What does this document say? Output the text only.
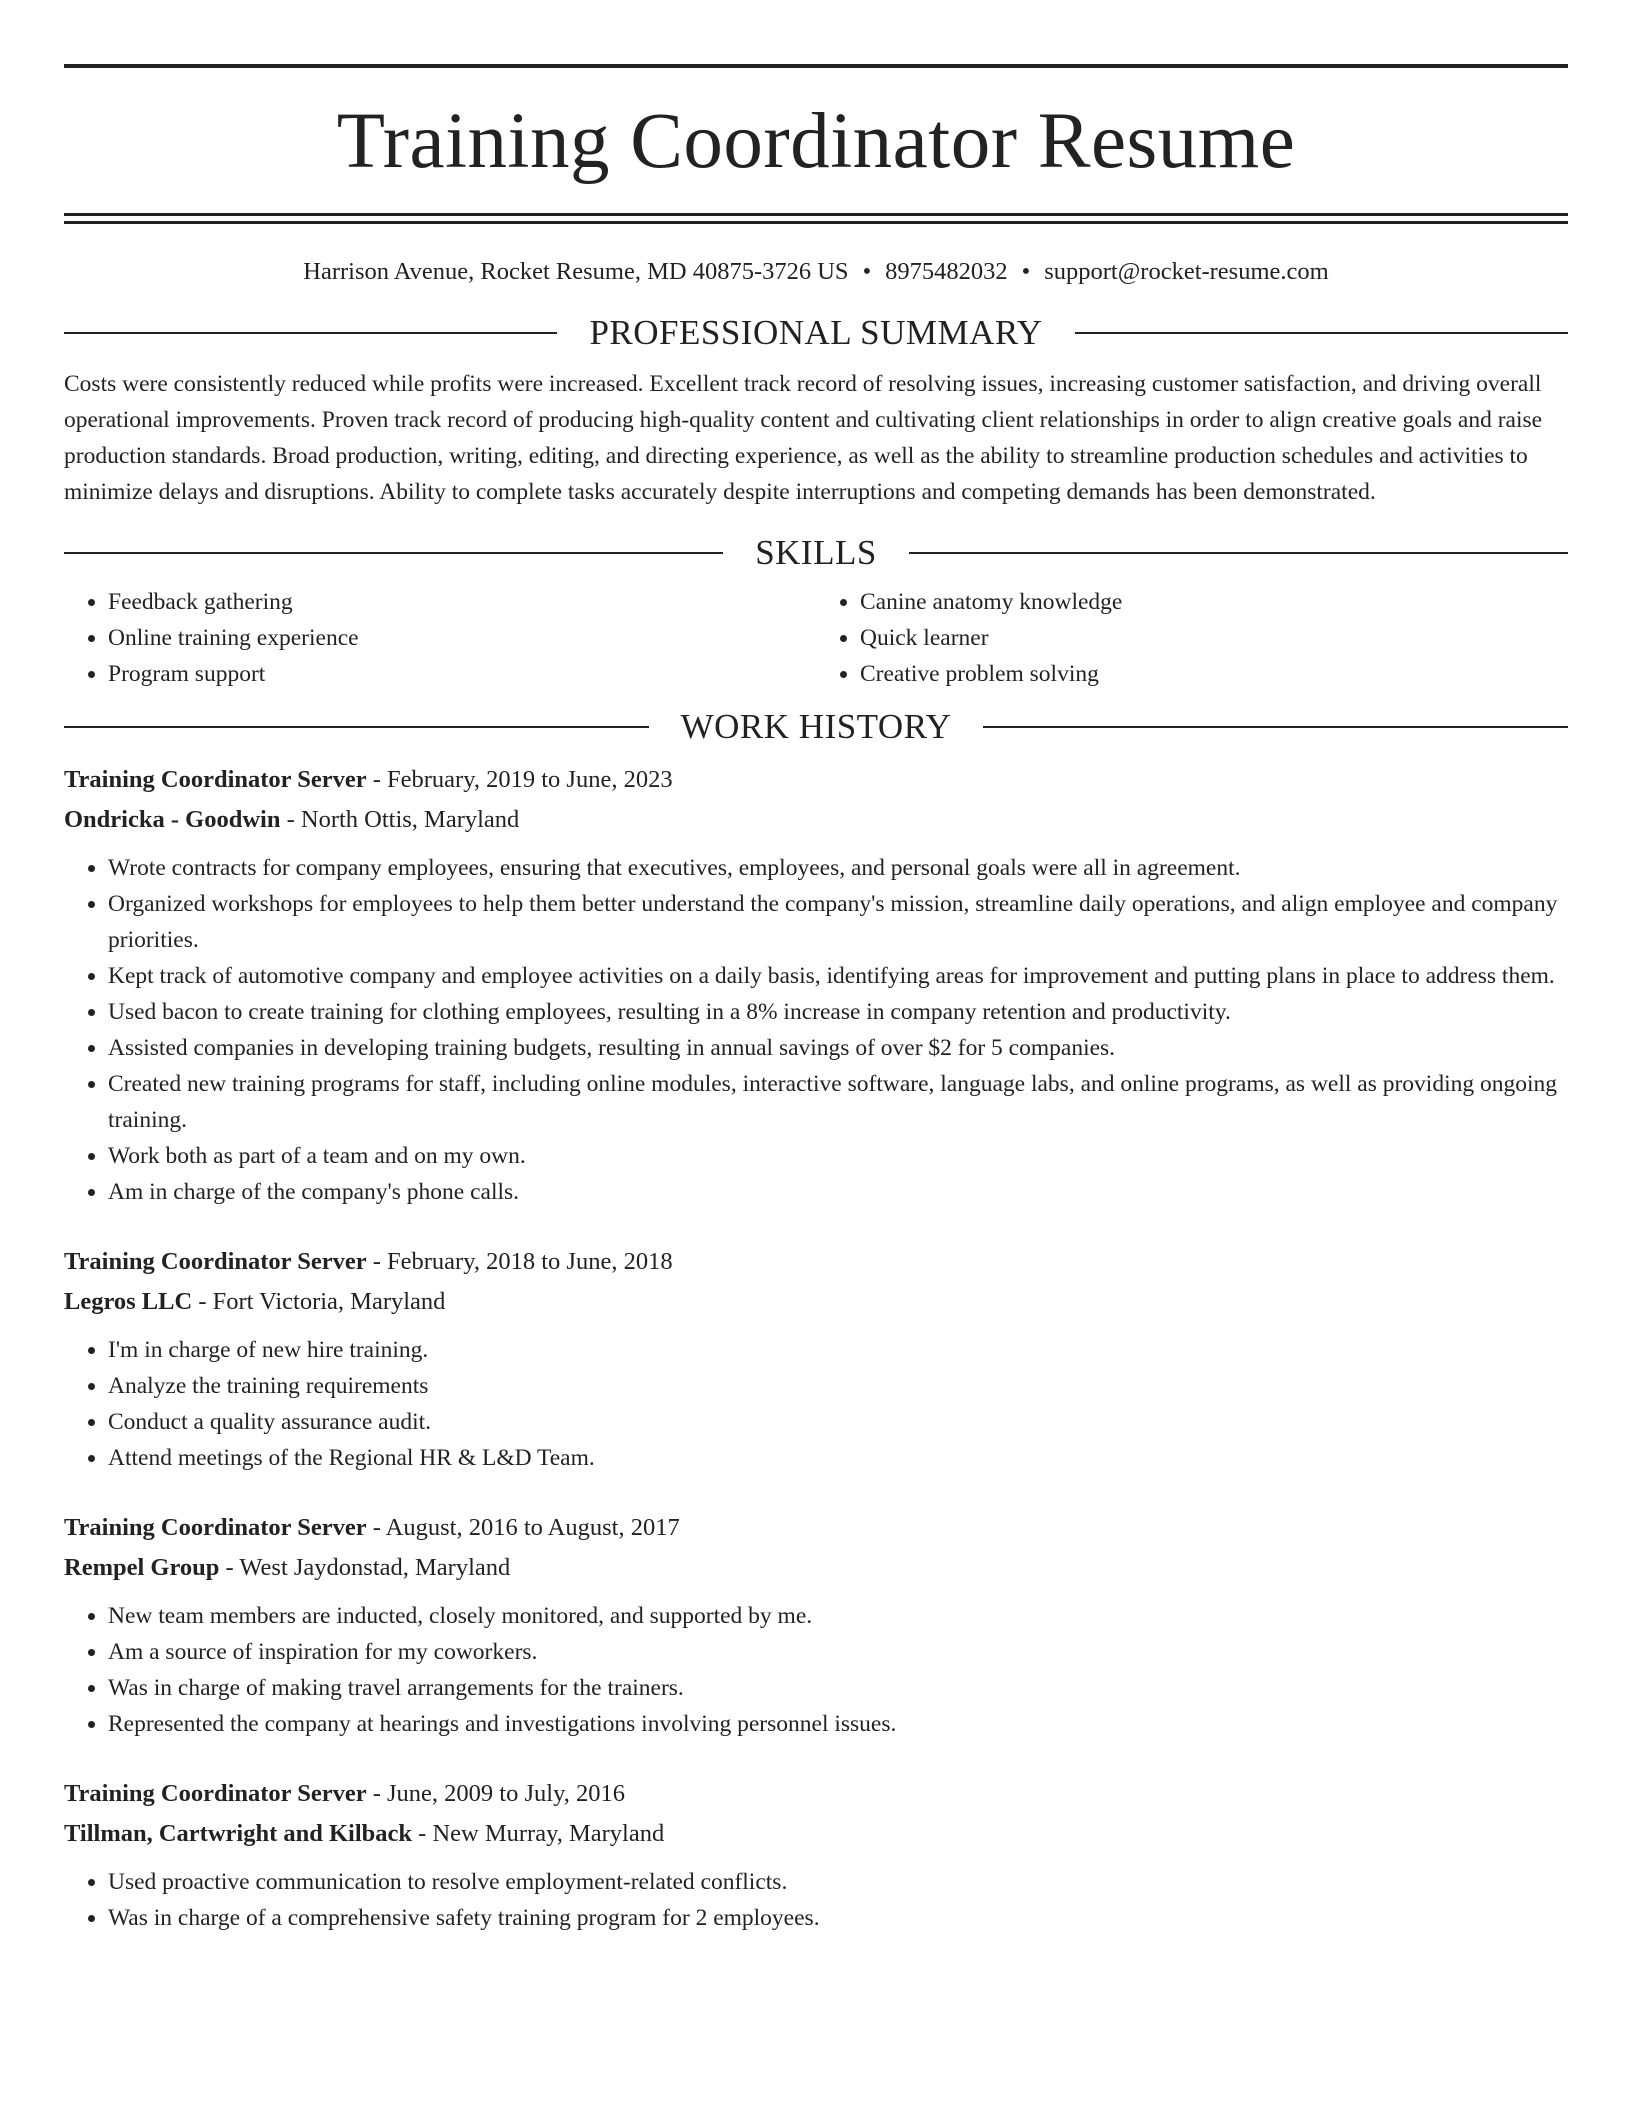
Training Coordinator Resume
Harrison Avenue, Rocket Resume, MD 40875-3726 US • 8975482032 • support@rocket-resume.com
PROFESSIONAL SUMMARY

Costs were consistently reduced while profits were increased. Excellent track record of resolving issues, increasing customer satisfaction, and driving overall operational improvements. Proven track record of producing high-quality content and cultivating client relationships in order to align creative goals and raise production standards. Broad production, writing, editing, and directing experience, as well as the ability to streamline production schedules and activities to minimize delays and disruptions. Ability to complete tasks accurately despite interruptions and competing demands has been demonstrated.

SKILLS
• Feedback gathering
• Online training experience
• Program support
• Canine anatomy knowledge
• Quick learner
• Creative problem solving
WORK HISTORY
Training Coordinator Server - February, 2019 to June, 2023
Ondricka - Goodwin - North Ottis, Maryland
• Wrote contracts for company employees, ensuring that executives, employees, and personal goals were all in agreement.
• Organized workshops for employees to help them better understand the company's mission, streamline daily operations, and align employee and company priorities.
• Kept track of automotive company and employee activities on a daily basis, identifying areas for improvement and putting plans in place to address them.
• Used bacon to create training for clothing employees, resulting in a 8% increase in company retention and productivity.
• Assisted companies in developing training budgets, resulting in annual savings of over $2 for 5 companies.
• Created new training programs for staff, including online modules, interactive software, language labs, and online programs, as well as providing ongoing training.
• Work both as part of a team and on my own.
• Am in charge of the company's phone calls.
Training Coordinator Server - February, 2018 to June, 2018
Legros LLC - Fort Victoria, Maryland
• I'm in charge of new hire training.
• Analyze the training requirements
• Conduct a quality assurance audit.
• Attend meetings of the Regional HR & L&D Team.
Training Coordinator Server - August, 2016 to August, 2017
Rempel Group - West Jaydonstad, Maryland
• New team members are inducted, closely monitored, and supported by me.
• Am a source of inspiration for my coworkers.
• Was in charge of making travel arrangements for the trainers.
• Represented the company at hearings and investigations involving personnel issues.
Training Coordinator Server - June, 2009 to July, 2016
Tillman, Cartwright and Kilback - New Murray, Maryland
• Used proactive communication to resolve employment-related conflicts.
• Was in charge of a comprehensive safety training program for 2 employees.
